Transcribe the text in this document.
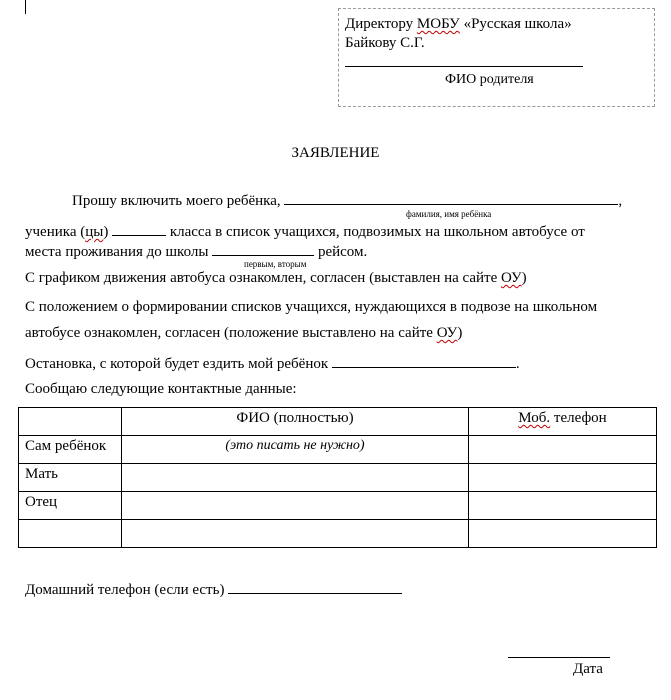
Директору МОБУ «Русская школа»
Байкову С.Г.
ФИО родителя
ЗАЯВЛЕНИЕ
Прошу включить моего ребёнка,	,
фамилия, имя ребёнка
ученика (цы)	класса в список учащихся, подвозимых на школьном автобусе от
места проживания до школы	рейсом.
первым, вторым
С графиком движения автобуса ознакомлен, согласен (выставлен на сайте ОУ)
С положением о формировании списков учащихся, нуждающихся в подвозе на школьном
автобусе ознакомлен, согласен (положение выставлено на сайте ОУ)
Остановка, с которой будет ездить мой ребёнок	.
Сообщаю следующие контактные данные:
	ФИО (полностью)	Моб. телефон
Сам ребёнок	(это писать не нужно)	
Мать		
Отец		

Домашний телефон (если есть)
Дата
